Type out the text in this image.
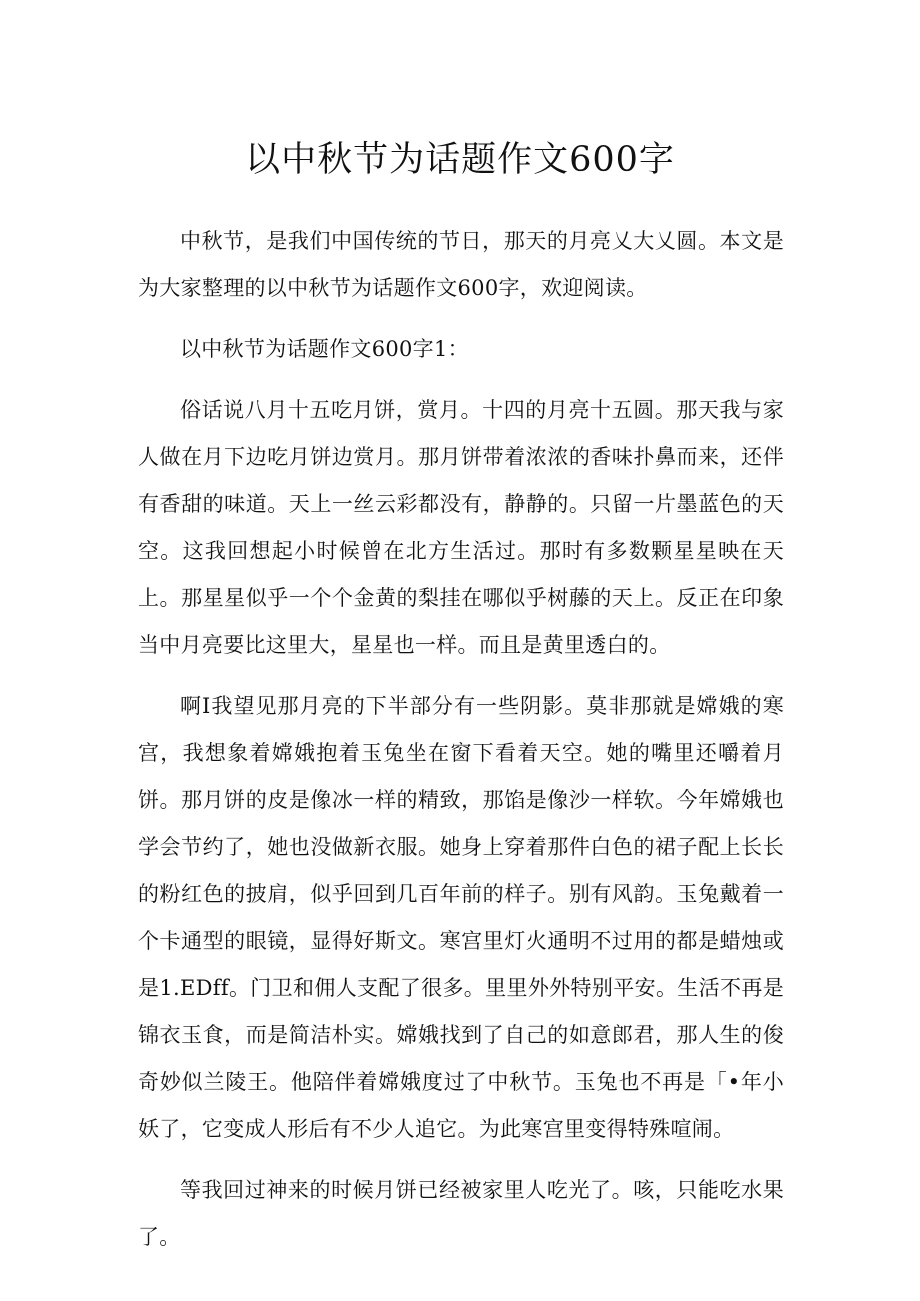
以中秋节为话题作文600字

中秋节，是我们中国传统的节日，那天的月亮乂大乂圆。本文是为大家整理的以中秋节为话题作文600字，欢迎阅读。

以中秋节为话题作文600字1：

俗话说八月十五吃月饼，赏月。十四的月亮十五圆。那天我与家人做在月下边吃月饼边赏月。那月饼带着浓浓的香味扑鼻而来，还伴有香甜的味道。天上一丝云彩都没有，静静的。只留一片墨蓝色的天空。这我回想起小时候曾在北方生活过。那时有多数颗星星映在天上。那星星似乎一个个金黄的梨挂在哪似乎树藤的天上。反正在印象当中月亮要比这里大，星星也一样。而且是黄里透白的。

啊I我望见那月亮的下半部分有一些阴影。莫非那就是嫦娥的寒宫，我想象着嫦娥抱着玉兔坐在窗下看着天空。她的嘴里还嚼着月饼。那月饼的皮是像冰一样的精致，那馅是像沙一样软。今年嫦娥也学会节约了，她也没做新衣服。她身上穿着那件白色的裙子配上长长的粉红色的披肩，似乎回到几百年前的样子。别有风韵。玉兔戴着一个卡通型的眼镜，显得好斯文。寒宫里灯火通明不过用的都是蜡烛或是1.EDff。门卫和佣人支配了很多。里里外外特别平安。生活不再是锦衣玉食，而是简洁朴实。嫦娥找到了自己的如意郎君，那人生的俊奇妙似兰陵王。他陪伴着嫦娥度过了中秋节。玉兔也不再是「•年小妖了，它变成人形后有不少人追它。为此寒宫里变得特殊喧闹。

等我回过神来的时候月饼已经被家里人吃光了。咳，只能吃水果了。
